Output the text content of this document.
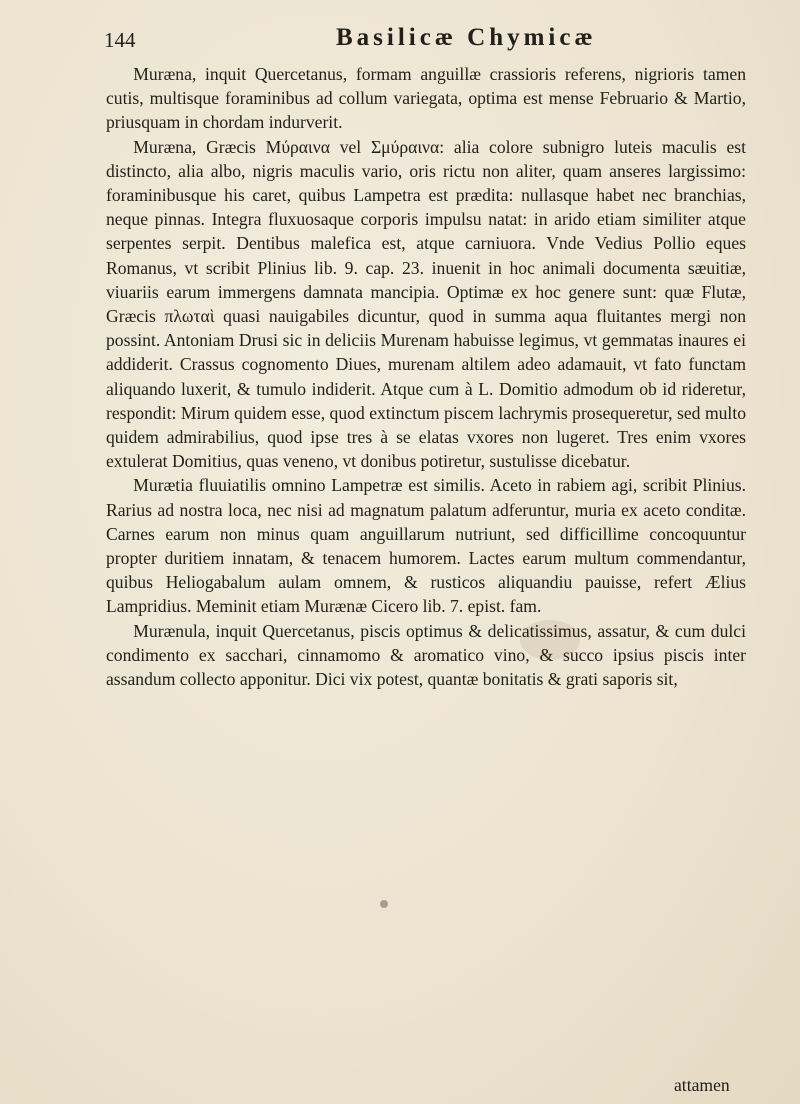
144	Basilicæ Chymicæ

Muræna, inquit Quercetanus, formam anguillæ crassioris referens, nigrioris tamen cutis, multisque foraminibus ad collum variegata, optima est mense Februario & Martio, priusquam in chordam indurverit.

Muræna, Græcis Μύραινα vel Σμύραινα: alia colore subnigro luteis maculis est distincto, alia albo, nigris maculis vario, oris rictu non aliter, quam anseres largissimo: foraminibusque his caret, quibus Lampetra est prædita: nullasque habet nec branchias, neque pinnas. Integra fluxuosaque corporis impulsu natat: in arido etiam similiter atque serpentes serpit. Dentibus malefica est, atque carniuora. Vnde Vedius Pollio eques Romanus, vt scribit Plinius lib. 9. cap. 23. inuenit in hoc animali documenta sæuitiæ, viuariis earum immergens damnata mancipia. Optimæ ex hoc genere sunt: quæ Flutæ, Græcis πλωταὶ quasi nauigabiles dicuntur, quod in summa aqua fluitantes mergi non possint. Antoniam Drusi sic in deliciis Murenam habuisse legimus, vt gemmatas inaures ei addiderit. Crassus cognomento Diues, murenam altilem adeo adamauit, vt fato functam aliquando luxerit, & tumulo indiderit. Atque cum à L. Domitio admodum ob id rideretur, respondit: Mirum quidem esse, quod extinctum piscem lachrymis prosequeretur, sed multo quidem admirabilius, quod ipse tres à se elatas vxores non lugeret. Tres enim vxores extulerat Domitius, quas veneno, vt donibus potiretur, sustulisse dicebatur.

Murætia fluuiatilis omnino Lampetræ est similis. Aceto in rabiem agi, scribit Plinius. Rarius ad nostra loca, nec nisi ad magnatum palatum adferuntur, muria ex aceto conditæ. Carnes earum non minus quam anguillarum nutriunt, sed difficillime concoquuntur propter duritiem innatam, & tenacem humorem. Lactes earum multum commendantur, quibus Heliogabalum aulam omnem, & rusticos aliquandiu pauisse, refert Ælius Lampridius. Meminit etiam Murænæ Cicero lib. 7. epist. fam.

Murænula, inquit Quercetanus, piscis optimus & delicatissimus, assatur, & cum dulci condimento ex sacchari, cinnamomo & aromatico vino, & succo ipsius piscis inter assandum collecto apponitur. Dici vix potest, quantæ bonitatis & grati saporis sit,

attamen
